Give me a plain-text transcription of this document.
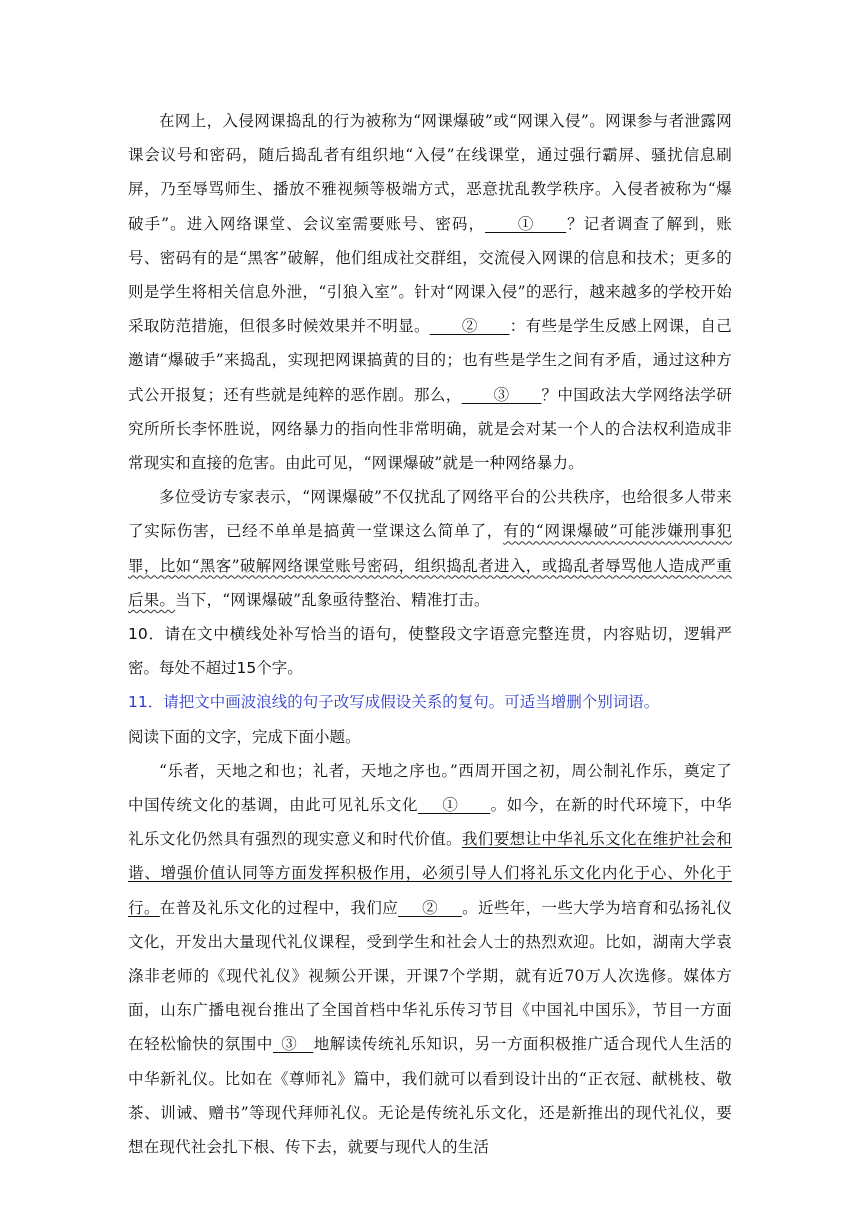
在网上，入侵网课捣乱的行为被称为“网课爆破”或“网课入侵”。网课参与者泄露网课会议号和密码，随后捣乱者有组织地“入侵”在线课堂，通过强行霸屏、骚扰信息刷屏，乃至辱骂师生、播放不雅视频等极端方式，恶意扰乱教学秩序。入侵者被称为“爆破手”。进入网络课堂、会议室需要账号、密码，____①____？记者调查了解到，账号、密码有的是“黑客”破解，他们组成社交群组，交流侵入网课的信息和技术；更多的则是学生将相关信息外泄，“引狼入室”。针对“网课入侵”的恶行，越来越多的学校开始采取防范措施，但很多时候效果并不明显。____②____：有些是学生反感上网课，自己邀请“爆破手”来捣乱，实现把网课搞黄的目的；也有些是学生之间有矛盾，通过这种方式公开报复；还有些就是纯粹的恶作剧。那么，____③____？中国政法大学网络法学研究所所长李怀胜说，网络暴力的指向性非常明确，就是会对某一个人的合法权利造成非常现实和直接的危害。由此可见，“网课爆破”就是一种网络暴力。

多位受访专家表示，“网课爆破”不仅扰乱了网络平台的公共秩序，也给很多人带来了实际伤害，已经不单单是搞黄一堂课这么简单了，有的“网课爆破”可能涉嫌刑事犯罪，比如“黑客”破解网络课堂账号密码，组织捣乱者进入，或捣乱者辱骂他人造成严重后果。当下，“网课爆破”乱象亟待整治、精准打击。

10．请在文中横线处补写恰当的语句，使整段文字语意完整连贯，内容贴切，逻辑严密。每处不超过15个字。

11．请把文中画波浪线的句子改写成假设关系的复句。可适当增删个别词语。

阅读下面的文字，完成下面小题。

“乐者，天地之和也；礼者，天地之序也。”西周开国之初，周公制礼作乐，奠定了中国传统文化的基调，由此可见礼乐文化___①____。如今，在新的时代环境下，中华礼乐文化仍然具有强烈的现实意义和时代价值。我们要想让中华礼乐文化在维护社会和谐、增强价值认同等方面发挥积极作用，必须引导人们将礼乐文化内化于心、外化于行。在普及礼乐文化的过程中，我们应___②___。近些年，一些大学为培育和弘扬礼仪文化，开发出大量现代礼仪课程，受到学生和社会人士的热烈欢迎。比如，湖南大学袁涤非老师的《现代礼仪》视频公开课，开课7个学期，就有近70万人次选修。媒体方面，山东广播电视台推出了全国首档中华礼乐传习节目《中国礼中国乐》，节目一方面在轻松愉快的氛围中_③__地解读传统礼乐知识，另一方面积极推广适合现代人生活的中华新礼仪。比如在《尊师礼》篇中，我们就可以看到设计出的“正衣冠、献桃枝、敬茶、训诫、赠书”等现代拜师礼仪。无论是传统礼乐文化，还是新推出的现代礼仪，要想在现代社会扎下根、传下去，就要与现代人的生活
